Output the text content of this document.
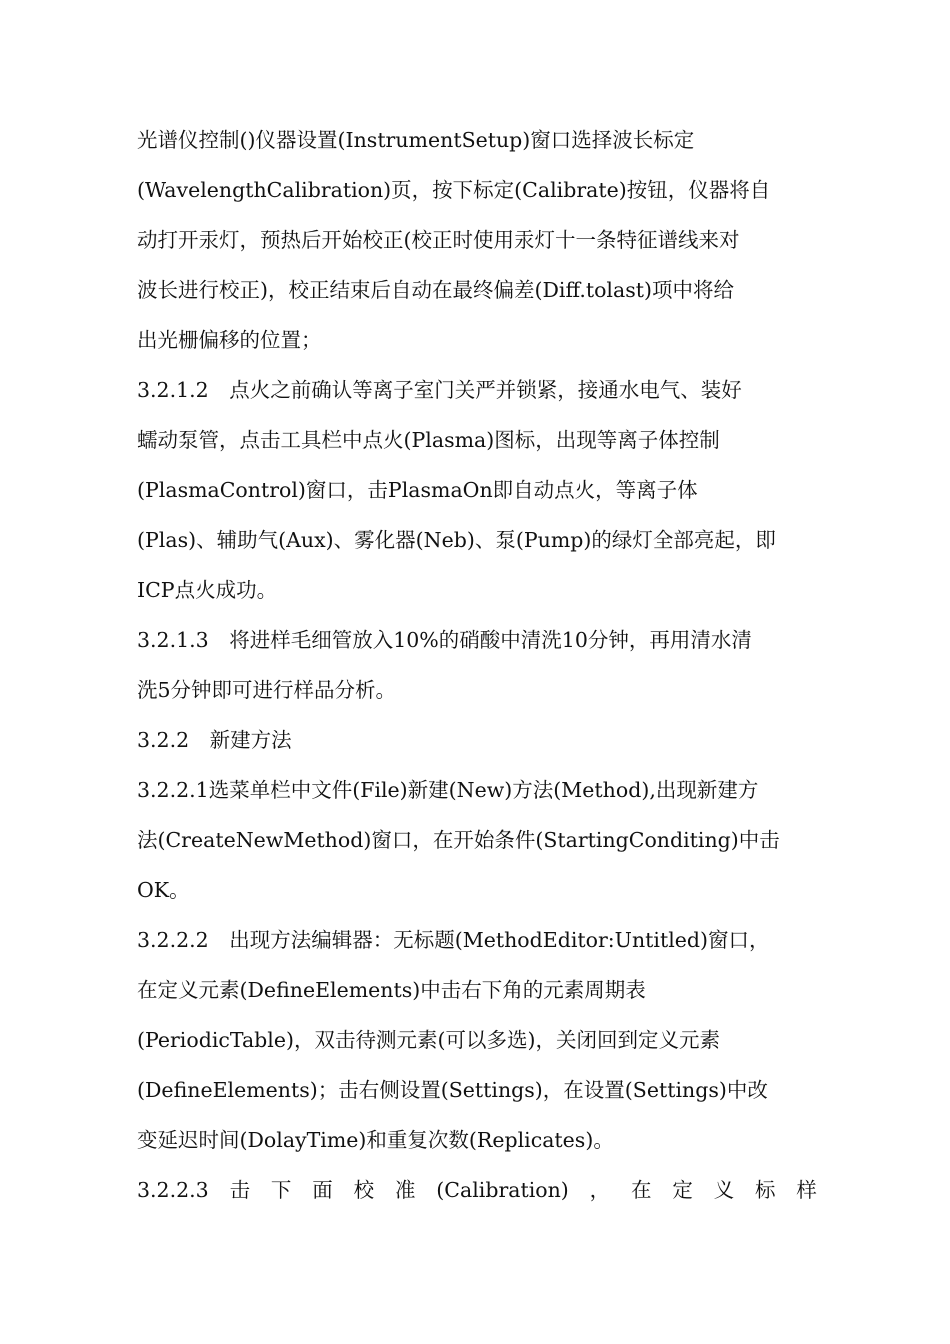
光谱仪控制()仪器设置(InstrumentSetup)窗口选择波长标定
(WavelengthCalibration)页，按下标定(Calibrate)按钮，仪器将自
动打开汞灯，预热后开始校正(校正时使用汞灯十一条特征谱线来对
波长进行校正)，校正结束后自动在最终偏差(Diff.tolast)项中将给
出光栅偏移的位置；
3.2.1.2　点火之前确认等离子室门关严并锁紧，接通水电气、装好
蠕动泵管，点击工具栏中点火(Plasma)图标，出现等离子体控制
(PlasmaControl)窗口，击PlasmaOn即自动点火，等离子体
(Plas)、辅助气(Aux)、雾化器(Neb)、泵(Pump)的绿灯全部亮起，即
ICP点火成功。
3.2.1.3　将进样毛细管放入10%的硝酸中清洗10分钟，再用清水清
洗5分钟即可进行样品分析。
3.2.2　新建方法
3.2.2.1选菜单栏中文件(File)新建(New)方法(Method),出现新建方
法(CreateNewMethod)窗口，在开始条件(StartingConditing)中击
OK。
3.2.2.2　出现方法编辑器：无标题(MethodEditor:Untitled)窗口，
在定义元素(DefineElements)中击右下角的元素周期表
(PeriodicTable)，双击待测元素(可以多选)，关闭回到定义元素
(DefineElements)；击右侧设置(Settings)，在设置(Settings)中改
变延迟时间(DolayTime)和重复次数(Replicates)。
3.2.2.3 击 下 面 校 准 (Calibration) ， 在 定 义 标 样
